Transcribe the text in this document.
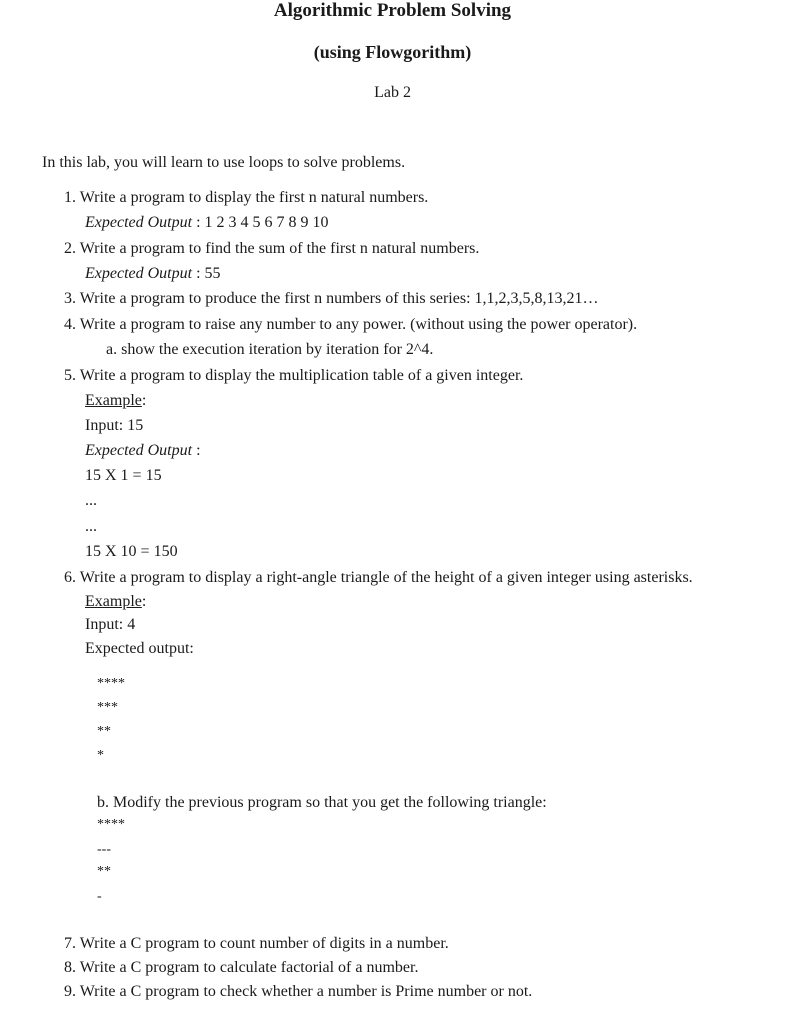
Algorithmic Problem Solving
(using Flowgorithm)
Lab 2
In this lab, you will learn to use loops to solve problems.
1. Write a program to display the first n natural numbers.
Expected Output : 1 2 3 4 5 6 7 8 9 10
2. Write a program to find the sum of the first n natural numbers.
Expected Output : 55
3. Write a program to produce the first n numbers of this series: 1,1,2,3,5,8,13,21…
4. Write a program to raise any number to any power. (without using the power operator).
a. show the execution iteration by iteration for 2^4.
5. Write a program to display the multiplication table of a given integer.
Example:
Input: 15
Expected Output :
15 X 1 = 15
...
...
15 X 10 = 150
6. Write a program to display a right-angle triangle of the height of a given integer using asterisks.
Example:
Input: 4
Expected output:
****
***
**
*
b. Modify the previous program so that you get the following triangle:
****
---
**
-
7. Write a C program to count number of digits in a number.
8. Write a C program to calculate factorial of a number.
9. Write a C program to check whether a number is Prime number or not.
